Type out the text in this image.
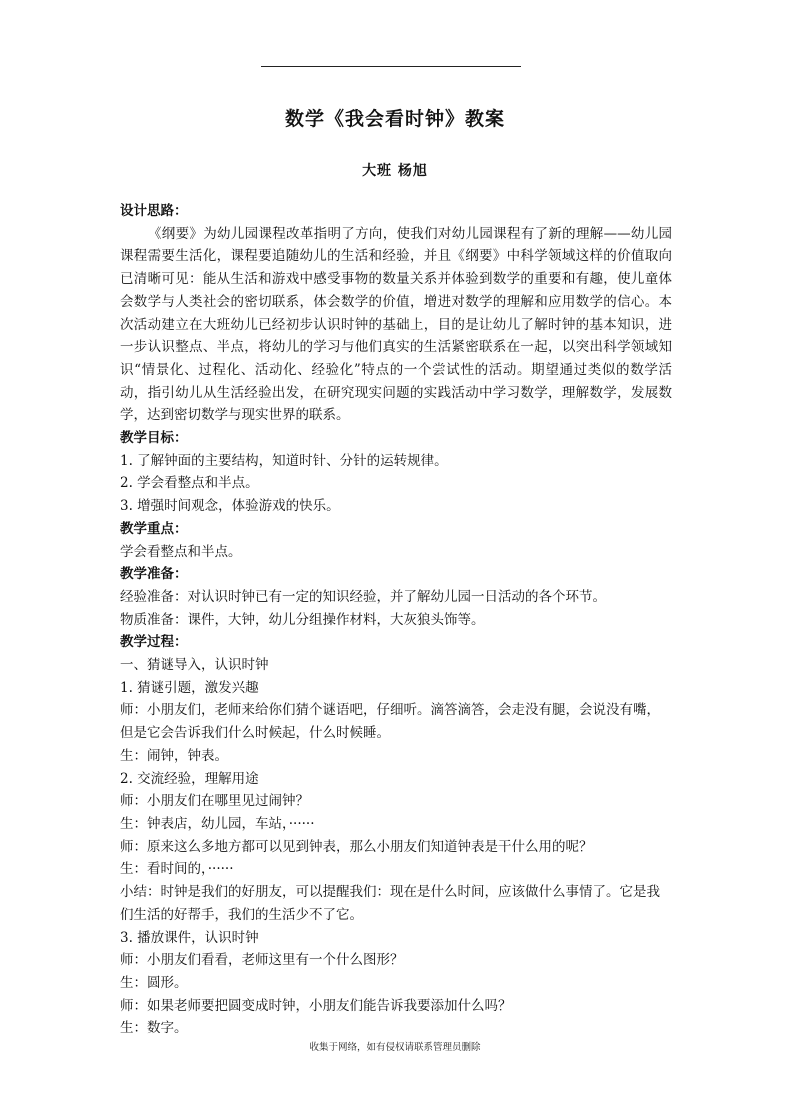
数学《我会看时钟》教案
大班 杨旭

设计思路：

《纲要》为幼儿园课程改革指明了方向，使我们对幼儿园课程有了新的理解——幼儿园课程需要生活化，课程要追随幼儿的生活和经验，并且《纲要》中科学领域这样的价值取向已清晰可见：能从生活和游戏中感受事物的数量关系并体验到数学的重要和有趣，使儿童体会数学与人类社会的密切联系，体会数学的价值，增进对数学的理解和应用数学的信心。本次活动建立在大班幼儿已经初步认识时钟的基础上，目的是让幼儿了解时钟的基本知识，进一步认识整点、半点，将幼儿的学习与他们真实的生活紧密联系在一起，以突出科学领域知识“情景化、过程化、活动化、经验化”特点的一个尝试性的活动。期望通过类似的数学活动，指引幼儿从生活经验出发，在研究现实问题的实践活动中学习数学，理解数学，发展数学，达到密切数学与现实世界的联系。

教学目标：

1. 了解钟面的主要结构，知道时针、分针的运转规律。

2. 学会看整点和半点。

3. 增强时间观念，体验游戏的快乐。

教学重点：

学会看整点和半点。

教学准备：

经验准备：对认识时钟已有一定的知识经验，并了解幼儿园一日活动的各个环节。

物质准备：课件，大钟，幼儿分组操作材料，大灰狼头饰等。

教学过程：

一、猜谜导入，认识时钟

1. 猜谜引题，激发兴趣

师：小朋友们，老师来给你们猜个谜语吧，仔细听。滴答滴答，会走没有腿，会说没有嘴，但是它会告诉我们什么时候起，什么时候睡。

生：闹钟，钟表。

2. 交流经验，理解用途

师：小朋友们在哪里见过闹钟？

生：钟表店，幼儿园，车站，······

师：原来这么多地方都可以见到钟表，那么小朋友们知道钟表是干什么用的呢？

生：看时间的，······

小结：时钟是我们的好朋友，可以提醒我们：现在是什么时间，应该做什么事情了。它是我们生活的好帮手，我们的生活少不了它。

3. 播放课件，认识时钟

师：小朋友们看看，老师这里有一个什么图形？

生：圆形。

师：如果老师要把圆变成时钟，小朋友们能告诉我要添加什么吗？

生：数字。

收集于网络，如有侵权请联系管理员删除
